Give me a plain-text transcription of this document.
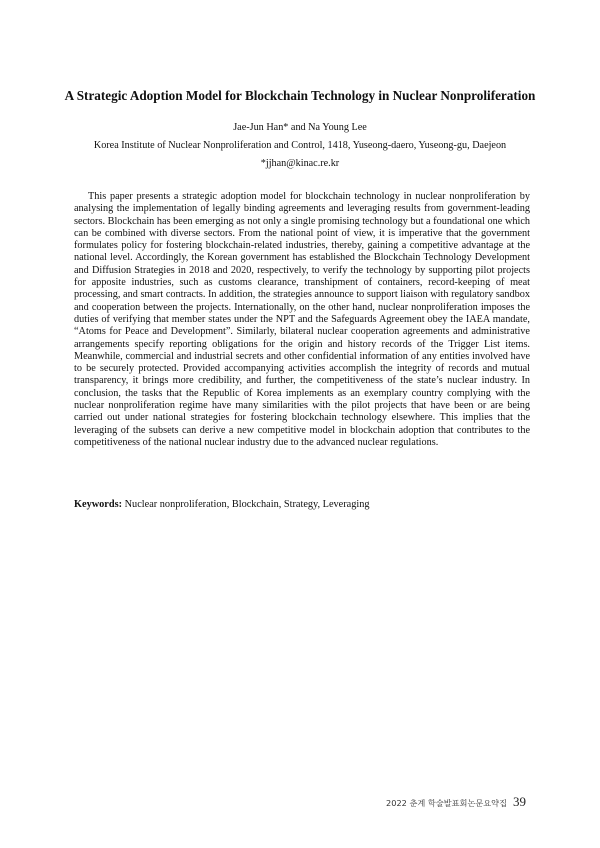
A Strategic Adoption Model for Blockchain Technology in Nuclear Nonproliferation
Jae-Jun Han* and Na Young Lee
Korea Institute of Nuclear Nonproliferation and Control, 1418, Yuseong-daero, Yuseong-gu, Daejeon
*jjhan@kinac.re.kr

This paper presents a strategic adoption model for blockchain technology in nuclear nonproliferation by analysing the implementation of legally binding agreements and leveraging results from government-leading sectors. Blockchain has been emerging as not only a single promising technology but a foundational one which can be combined with diverse sectors. From the national point of view, it is imperative that the government formulates policy for fostering blockchain-related industries, thereby, gaining a competitive advantage at the national level. Accordingly, the Korean government has established the Blockchain Technology Development and Diffusion Strategies in 2018 and 2020, respectively, to verify the technology by supporting pilot projects for apposite industries, such as customs clearance, transhipment of containers, record-keeping of meat processing, and smart contracts. In addition, the strategies announce to support liaison with regulatory sandbox and cooperation between the projects. Internationally, on the other hand, nuclear nonproliferation imposes the duties of verifying that member states under the NPT and the Safeguards Agreement obey the IAEA mandate, “Atoms for Peace and Development”. Similarly, bilateral nuclear cooperation agreements and administrative arrangements specify reporting obligations for the origin and history records of the Trigger List items. Meanwhile, commercial and industrial secrets and other confidential information of any entities involved have to be securely protected. Provided accompanying activities accomplish the integrity of records and mutual transparency, it brings more credibility, and further, the competitiveness of the state’s nuclear industry. In conclusion, the tasks that the Republic of Korea implements as an exemplary country complying with the nuclear nonproliferation regime have many similarities with the pilot projects that have been or are being carried out under national strategies for fostering blockchain technology elsewhere. This implies that the leveraging of the subsets can derive a new competitive model in blockchain adoption that contributes to the competitiveness of the national nuclear industry due to the advanced nuclear regulations.

Keywords: Nuclear nonproliferation, Blockchain, Strategy, Leveraging
2022 춘계 학술발표회논문요약집 39
